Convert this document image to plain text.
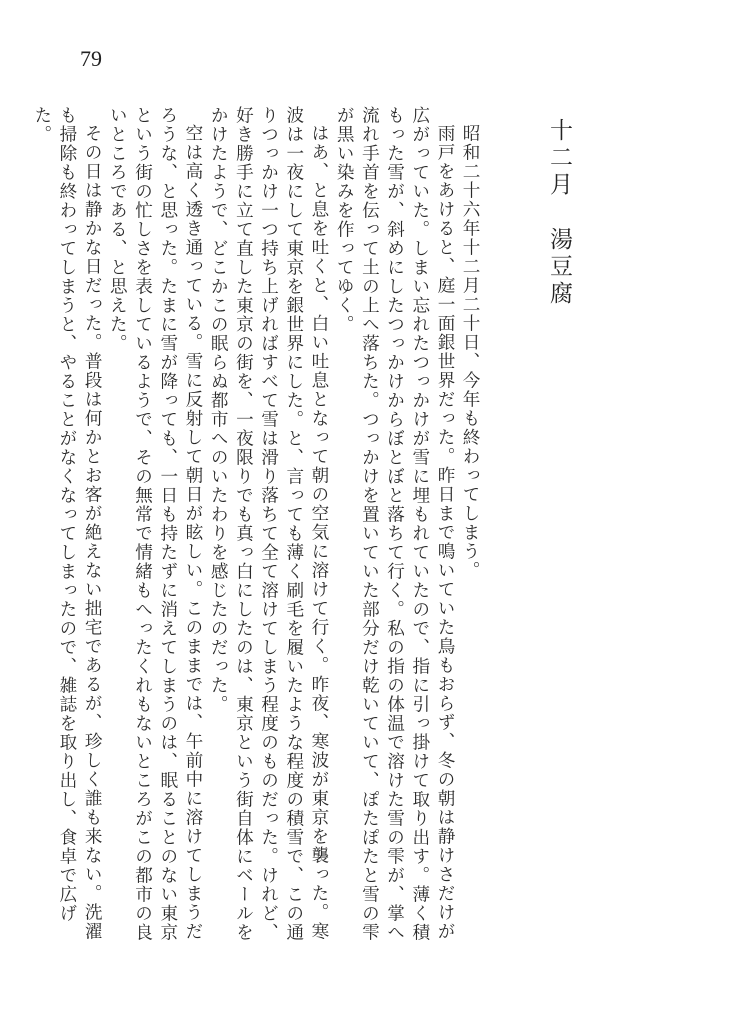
79
十二月湯豆腐
昭和二十六年十二月二十日、今年も終わってしまう。

雨戸をあけると、庭一面銀世界だった。昨日まで鳴いていた鳥もおらず、冬の朝は静けさだけが広がっていた。しまい忘れたつっかけが雪に埋もれていたので、指に引っ掛けて取り出す。薄く積もった雪が、斜めにしたつっかけからぼとぼと落ちて行く。私の指の体温で溶けた雪の雫が、掌へ流れ手首を伝って土の上へ落ちた。つっかけを置いていた部分だけ乾いていて、ぽたぽたと雪の雫が黒い染みを作ってゆく。

はあ、と息を吐くと、白い吐息となって朝の空気に溶けて行く。昨夜、寒波が東京を襲った。寒波は一夜にして東京を銀世界にした。と、言っても薄く刷毛を履いたような程度の積雪で、この通りつっかけ一つ持ち上げればすべて雪は滑り落ちて全て溶けてしまう程度のものだった。けれど、好き勝手に立て直した東京の街を、一夜限りでも真っ白にしたのは、東京という街自体にベールをかけたようで、どこかこの眠らぬ都市へのいたわりを感じたのだった。

空は高く透き通っている。雪に反射して朝日が眩しい。このままでは、午前中に溶けてしまうだろうな、と思った。たまに雪が降っても、一日も持たずに消えてしまうのは、眠ることのない東京という街の忙しさを表しているようで、その無常で情緒もへったくれもないところがこの都市の良いところである、と思えた。

その日は静かな日だった。普段は何かとお客が絶えない拙宅であるが、珍しく誰も来ない。洗濯も掃除も終わってしまうと、やることがなくなってしまったので、雑誌を取り出し、食卓で広げた。
